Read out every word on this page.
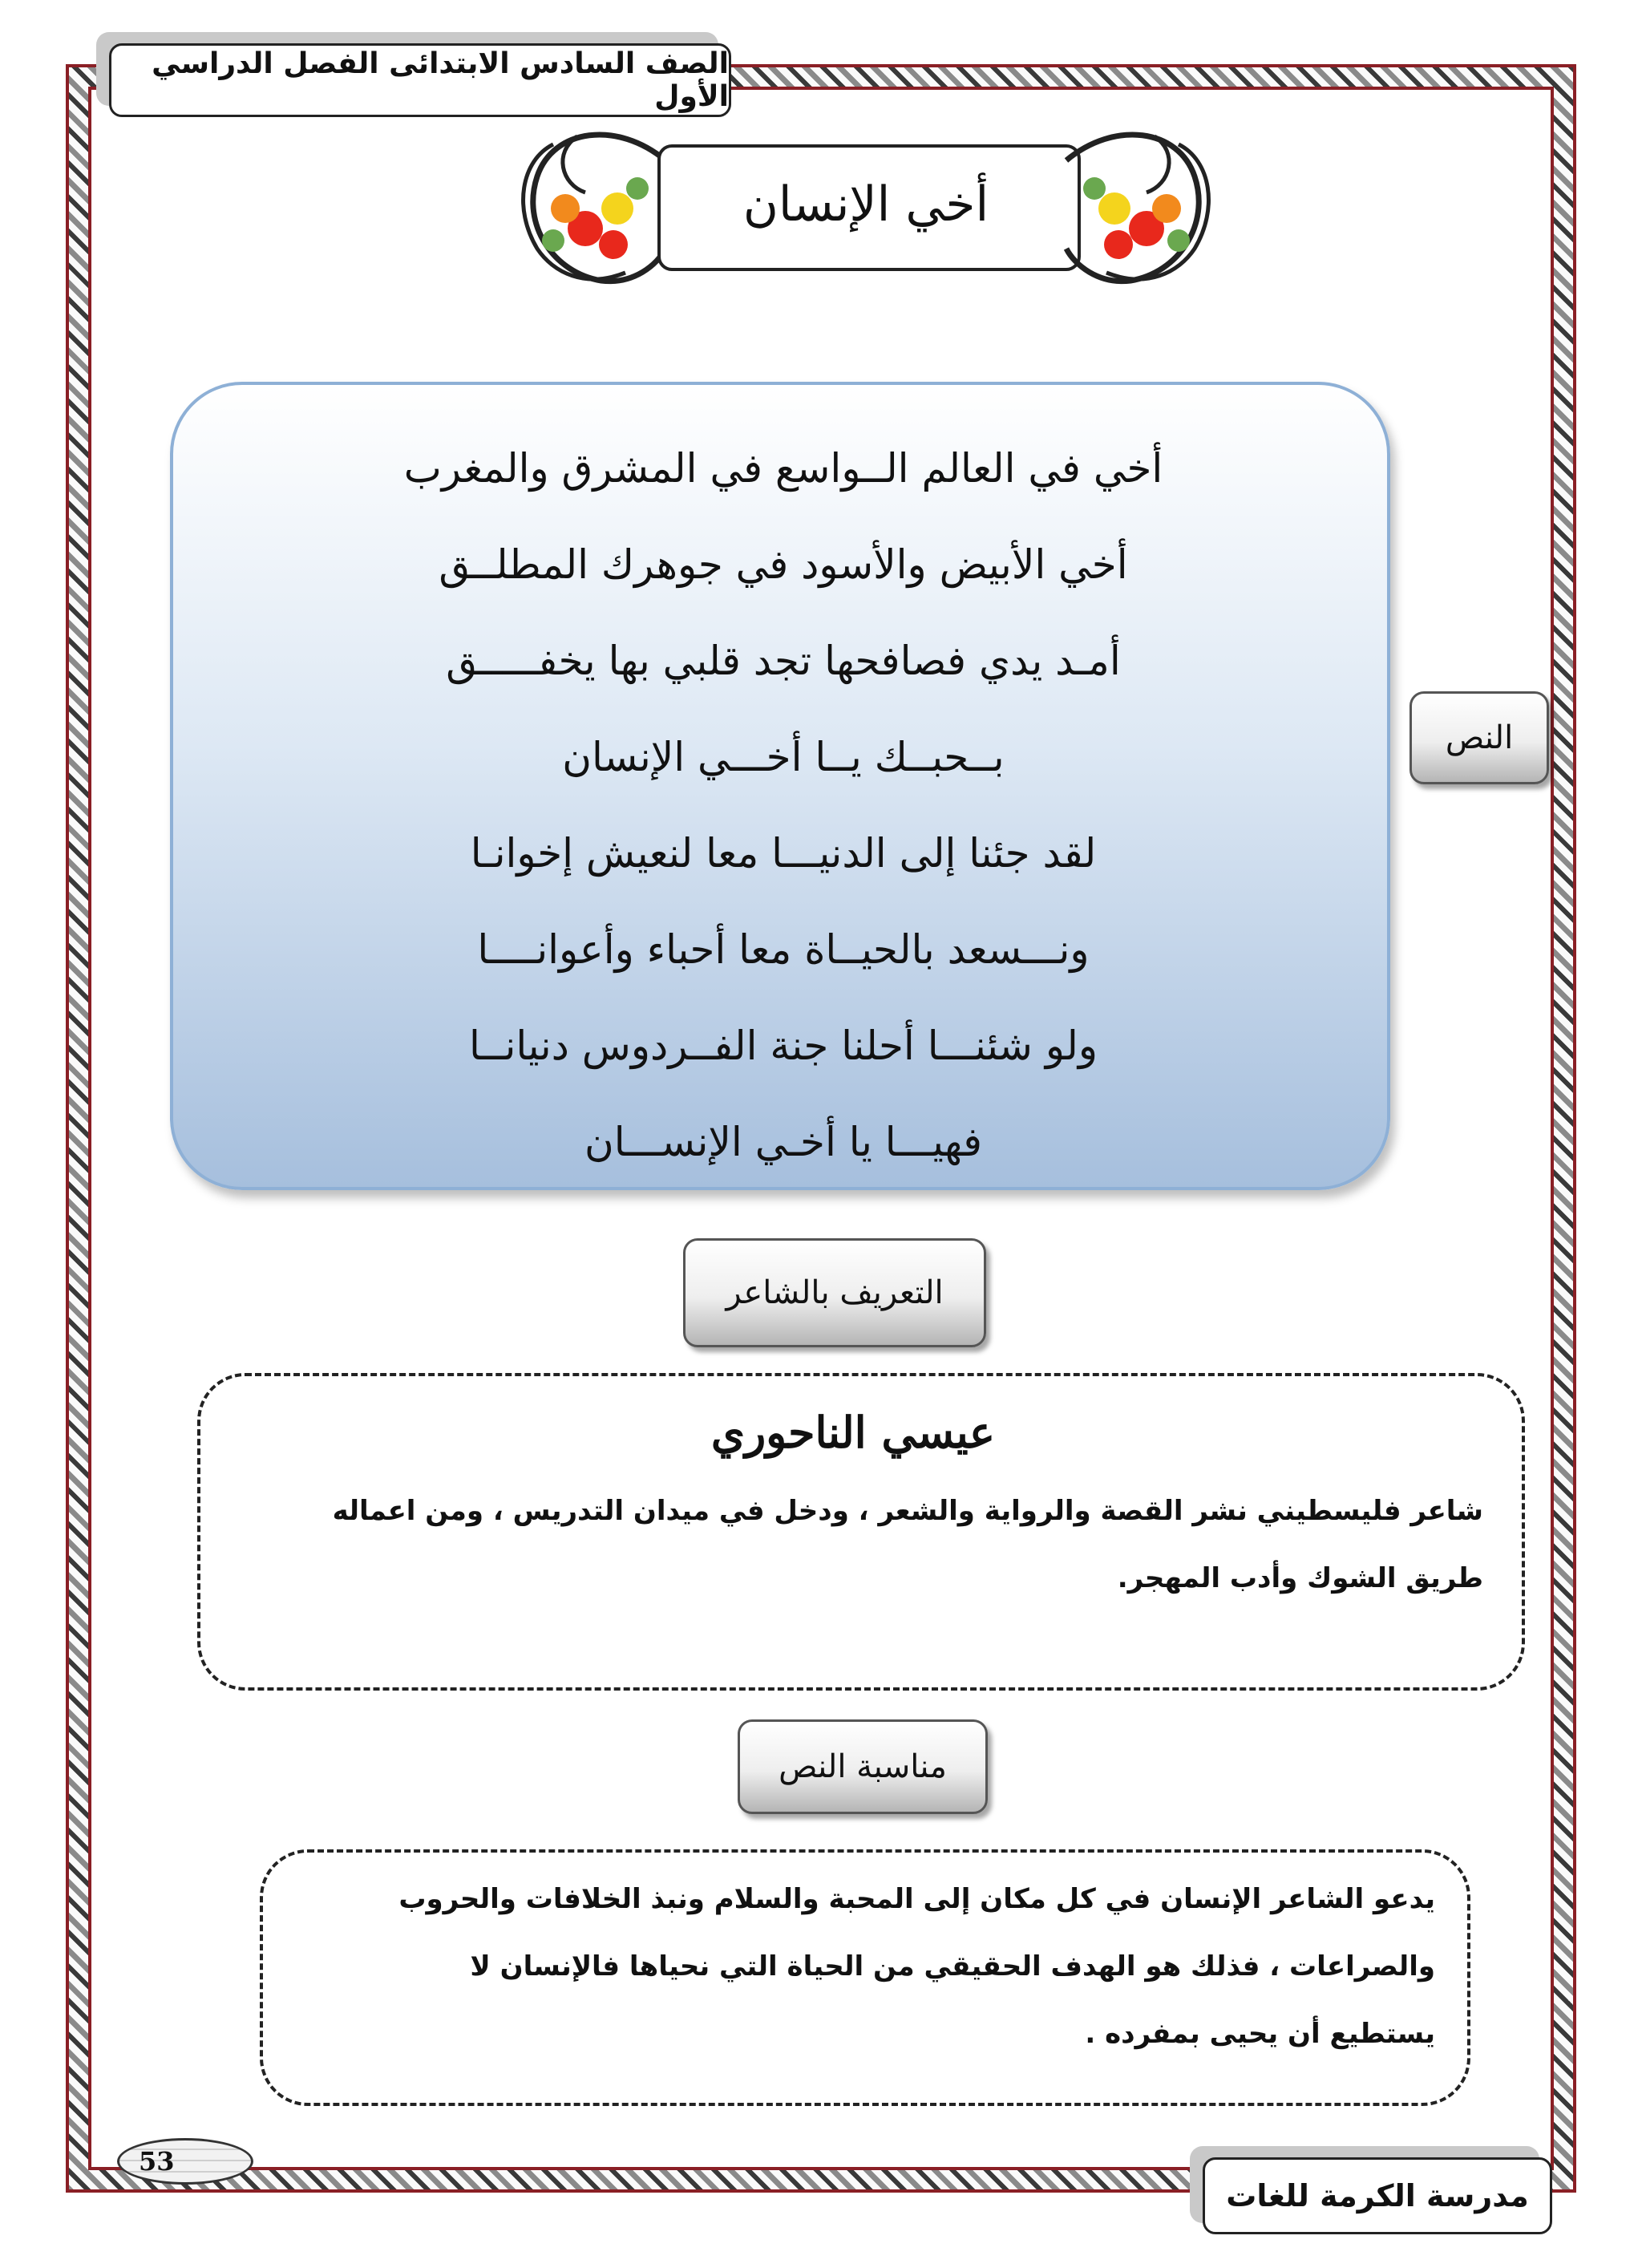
الصف السادس الابتدائى الفصل الدراسي الأول
أخي الإنسان
أخي في العالم الــواسع في المشرق والمغرب
أخي الأبيض والأسود في جوهرك المطلــق
أمـد يدي فصافحها تجد قلبي بها يخفـــــق
بــحبــك يــا أخـــي الإنسان
لقد جئنا إلى الدنيـــا معا لنعيش إخوانـا
ونـــسعد بالحيــاة معا أحباء وأعوانــــا
ولو شئنـــا أحلنا جنة الفــردوس دنيانــا
فهيـــا يا أخـي الإنســـان
النص
التعريف بالشاعر
عيسي الناحوري
شاعر فليسطيني نشر القصة والرواية والشعر ، ودخل في ميدان التدريس ، ومن اعماله طريق الشوك وأدب المهجر.
مناسبة النص
يدعو الشاعر الإنسان في كل مكان إلى المحبة والسلام ونبذ الخلافات والحروب والصراعات ، فذلك هو الهدف الحقيقي من الحياة التي نحياها فالإنسان لا يستطيع أن يحيى بمفرده .
53
مدرسة الكرمة للغات
